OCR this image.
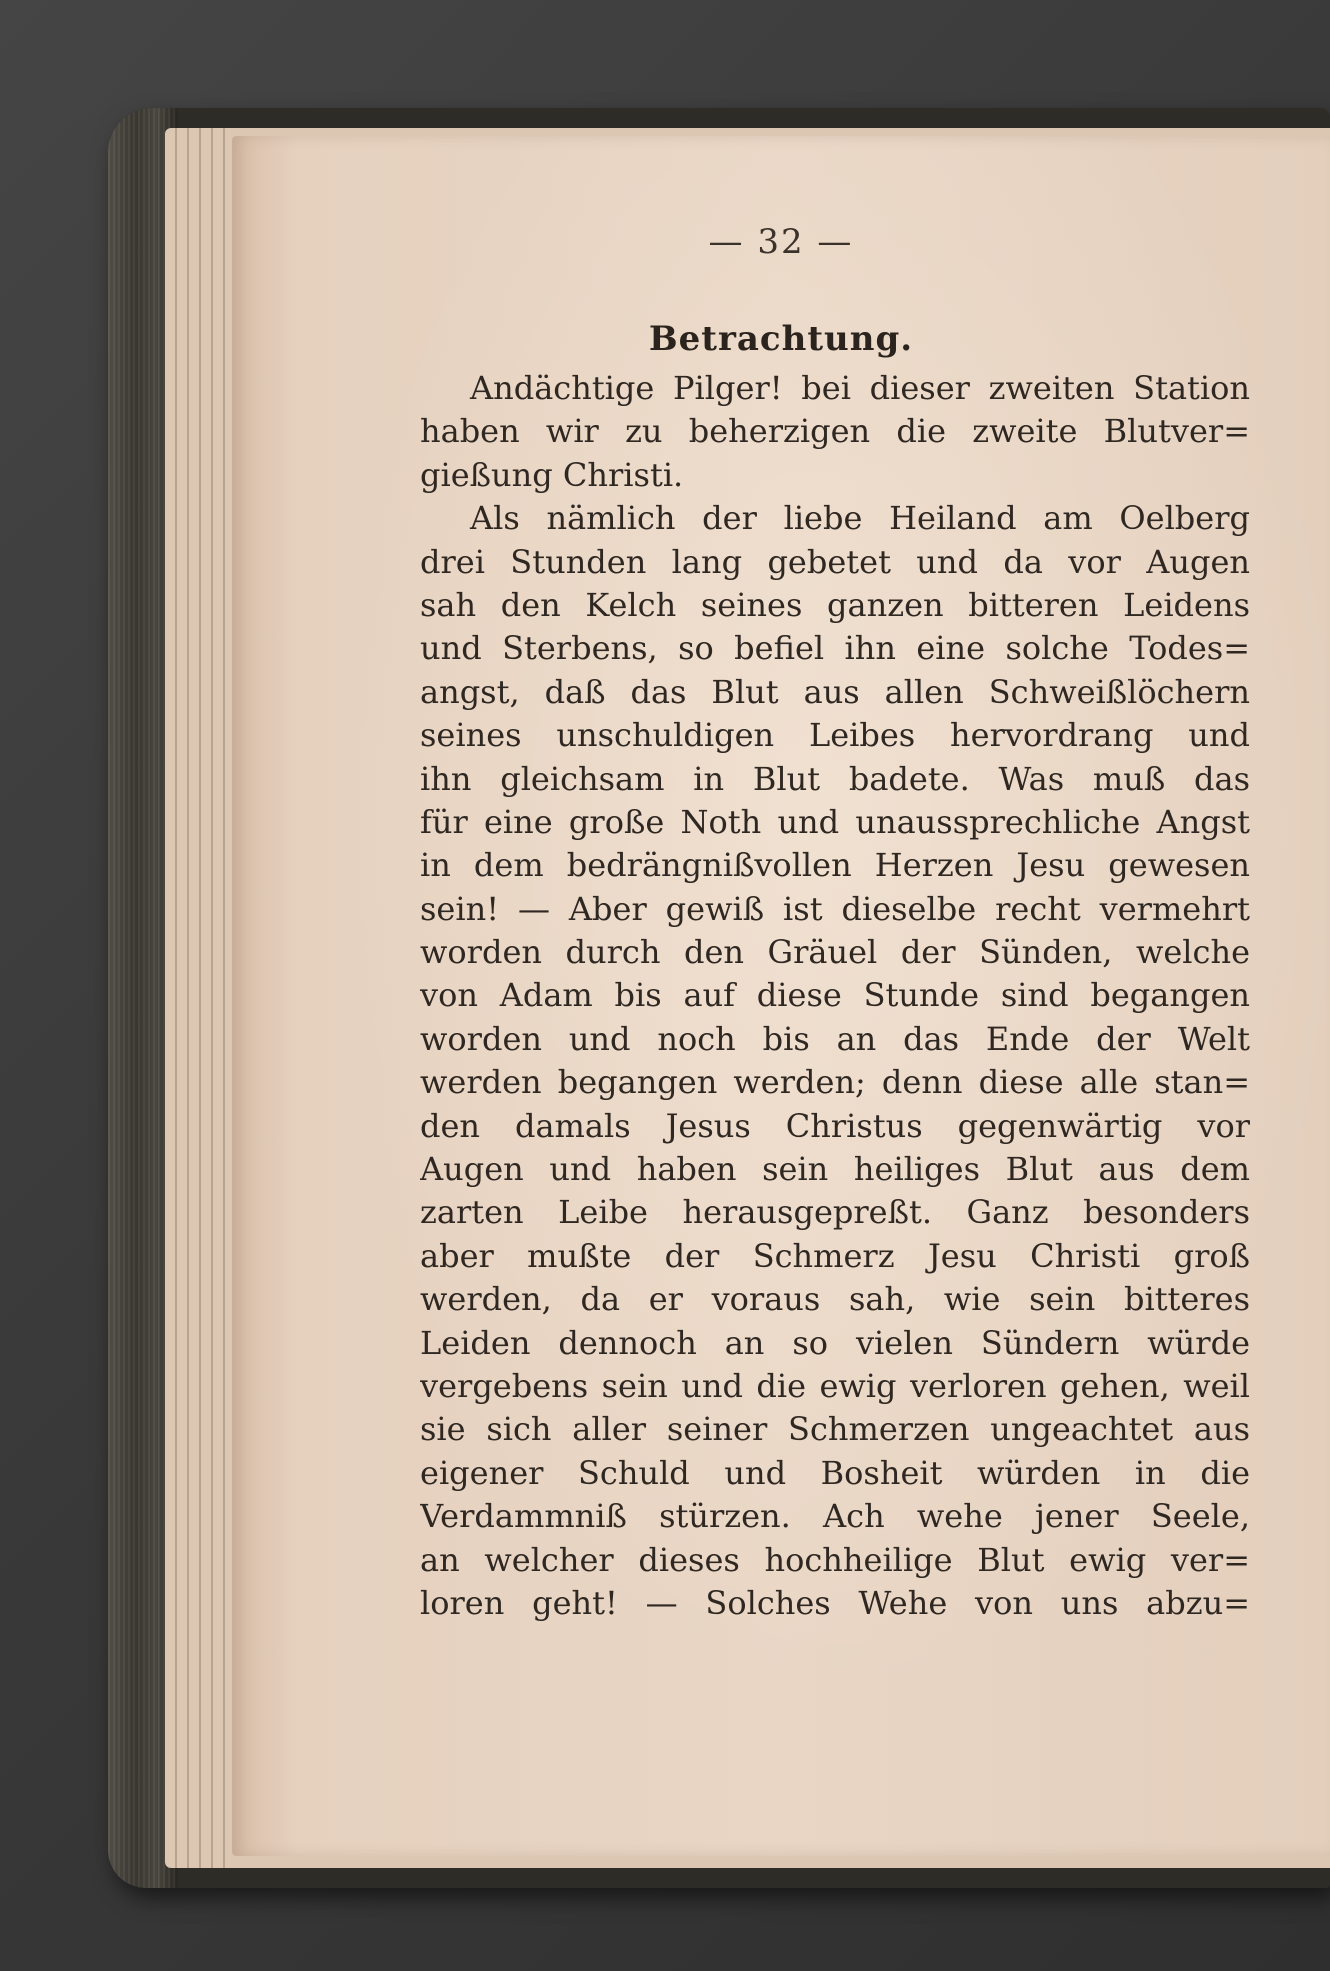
— 32 —
Betrachtung.
Andächtige Pilger! bei dieser zweiten Station
haben wir zu beherzigen die zweite Blutver=
gießung Christi.
Als nämlich der liebe Heiland am Oelberg
drei Stunden lang gebetet und da vor Augen
sah den Kelch seines ganzen bitteren Leidens
und Sterbens, so befiel ihn eine solche Todes=
angst, daß das Blut aus allen Schweißlöchern
seines unschuldigen Leibes hervordrang und
ihn gleichsam in Blut badete. Was muß das
für eine große Noth und unaussprechliche Angst
in dem bedrängnißvollen Herzen Jesu gewesen
sein! — Aber gewiß ist dieselbe recht vermehrt
worden durch den Gräuel der Sünden, welche
von Adam bis auf diese Stunde sind begangen
worden und noch bis an das Ende der Welt
werden begangen werden; denn diese alle stan=
den damals Jesus Christus gegenwärtig vor
Augen und haben sein heiliges Blut aus dem
zarten Leibe herausgepreßt. Ganz besonders
aber mußte der Schmerz Jesu Christi groß
werden, da er voraus sah, wie sein bitteres
Leiden dennoch an so vielen Sündern würde
vergebens sein und die ewig verloren gehen, weil
sie sich aller seiner Schmerzen ungeachtet aus
eigener Schuld und Bosheit würden in die
Verdammniß stürzen. Ach wehe jener Seele,
an welcher dieses hochheilige Blut ewig ver=
loren geht! — Solches Wehe von uns abzu=
